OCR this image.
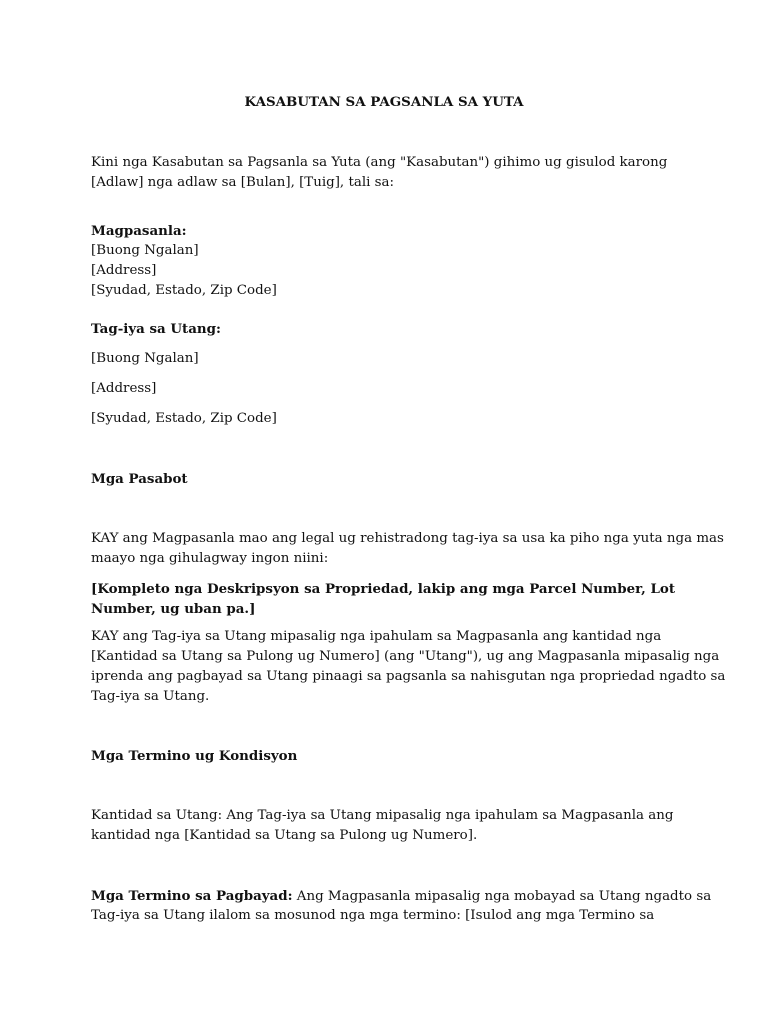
KASABUTAN SA PAGSANLA SA YUTA

Kini nga Kasabutan sa Pagsanla sa Yuta (ang "Kasabutan") gihimo ug gisulod karong

[Adlaw] nga adlaw sa [Bulan], [Tuig], tali sa:

Magpasanla:

[Buong Ngalan]

[Address]

[Syudad, Estado, Zip Code]

Tag-iya sa Utang:

[Buong Ngalan]

[Address]

[Syudad, Estado, Zip Code]

Mga Pasabot

KAY ang Magpasanla mao ang legal ug rehistradong tag-iya sa usa ka piho nga yuta nga mas

maayo nga gihulagway ingon niini:

[Kompleto nga Deskripsyon sa Propriedad, lakip ang mga Parcel Number, Lot

Number, ug uban pa.]

KAY ang Tag-iya sa Utang mipasalig nga ipahulam sa Magpasanla ang kantidad nga

[Kantidad sa Utang sa Pulong ug Numero] (ang "Utang"), ug ang Magpasanla mipasalig nga

iprenda ang pagbayad sa Utang pinaagi sa pagsanla sa nahisgutan nga propriedad ngadto sa

Tag-iya sa Utang.

Mga Termino ug Kondisyon

Kantidad sa Utang: Ang Tag-iya sa Utang mipasalig nga ipahulam sa Magpasanla ang

kantidad nga [Kantidad sa Utang sa Pulong ug Numero].

Mga Termino sa Pagbayad: Ang Magpasanla mipasalig nga mobayad sa Utang ngadto sa

Tag-iya sa Utang ilalom sa mosunod nga mga termino: [Isulod ang mga Termino sa
